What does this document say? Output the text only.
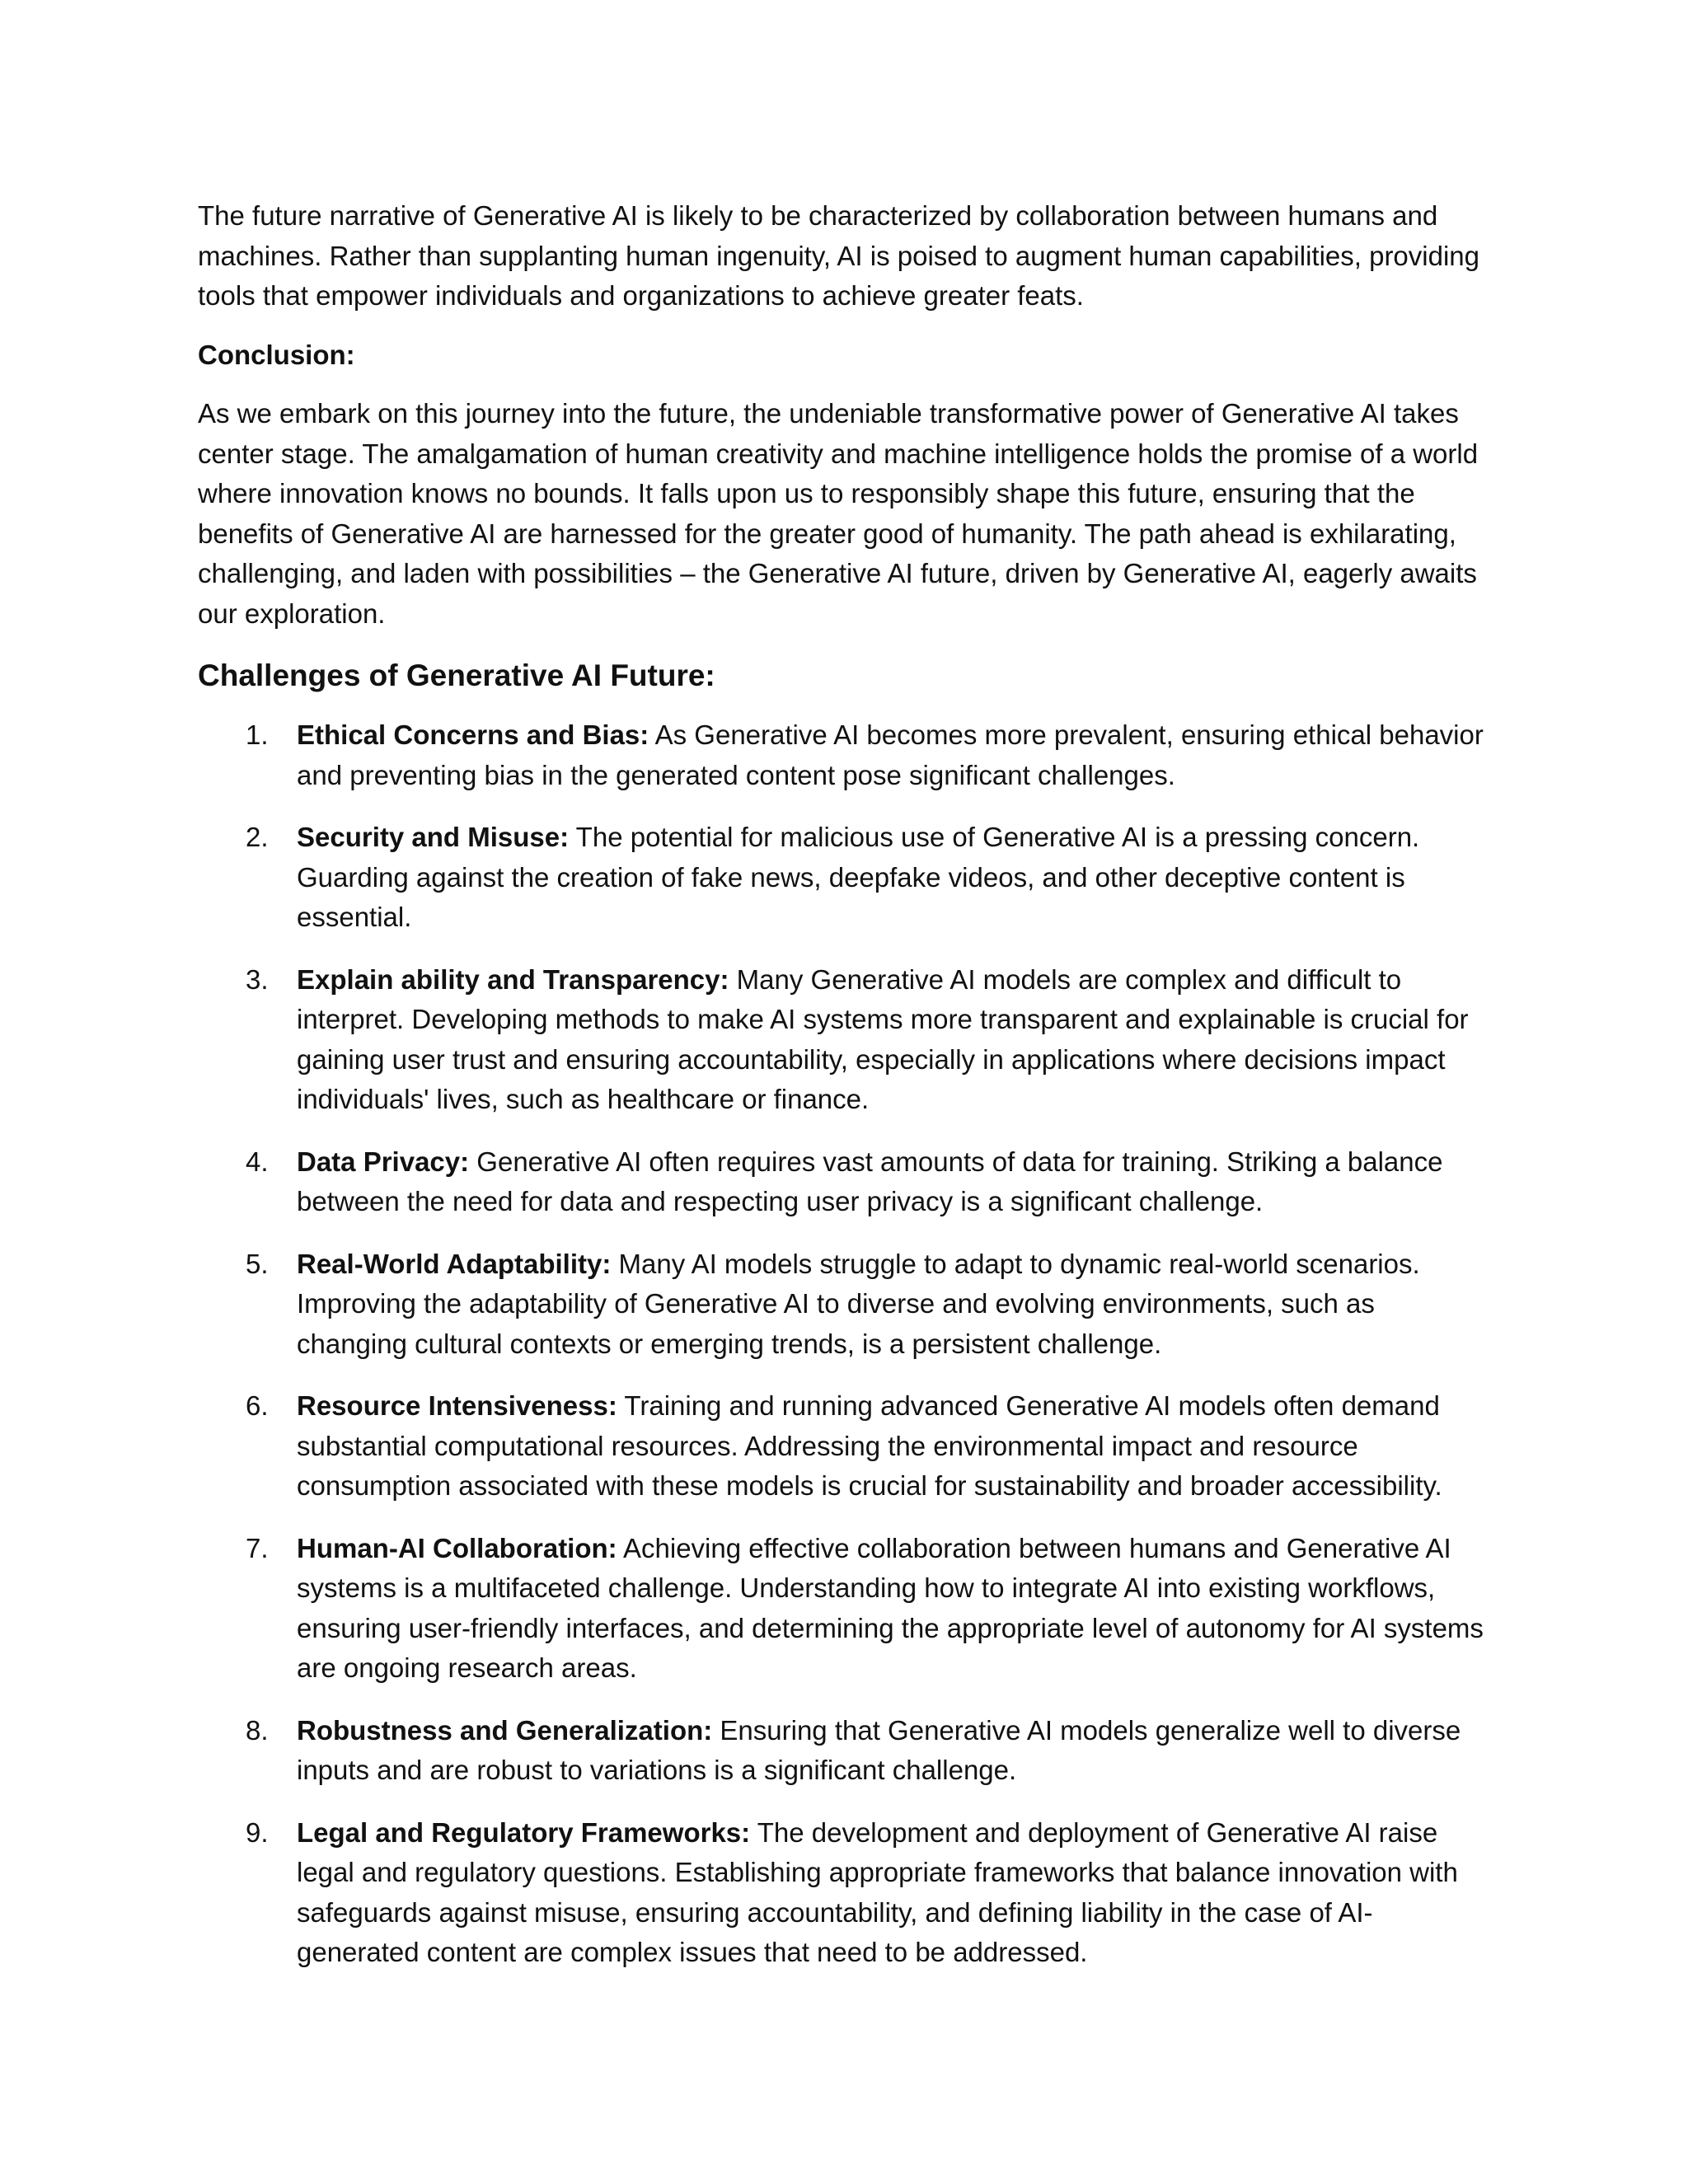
The future narrative of Generative AI is likely to be characterized by collaboration between humans and machines. Rather than supplanting human ingenuity, AI is poised to augment human capabilities, providing tools that empower individuals and organizations to achieve greater feats.

Conclusion:

As we embark on this journey into the future, the undeniable transformative power of Generative AI takes center stage. The amalgamation of human creativity and machine intelligence holds the promise of a world where innovation knows no bounds. It falls upon us to responsibly shape this future, ensuring that the benefits of Generative AI are harnessed for the greater good of humanity. The path ahead is exhilarating, challenging, and laden with possibilities – the Generative AI future, driven by Generative AI, eagerly awaits our exploration.

Challenges of Generative AI Future:
1. Ethical Concerns and Bias: As Generative AI becomes more prevalent, ensuring ethical behavior and preventing bias in the generated content pose significant challenges.
2. Security and Misuse: The potential for malicious use of Generative AI is a pressing concern. Guarding against the creation of fake news, deepfake videos, and other deceptive content is essential.
3. Explain ability and Transparency: Many Generative AI models are complex and difficult to interpret. Developing methods to make AI systems more transparent and explainable is crucial for gaining user trust and ensuring accountability, especially in applications where decisions impact individuals' lives, such as healthcare or finance.
4. Data Privacy: Generative AI often requires vast amounts of data for training. Striking a balance between the need for data and respecting user privacy is a significant challenge.
5. Real-World Adaptability: Many AI models struggle to adapt to dynamic real-world scenarios. Improving the adaptability of Generative AI to diverse and evolving environments, such as changing cultural contexts or emerging trends, is a persistent challenge.
6. Resource Intensiveness: Training and running advanced Generative AI models often demand substantial computational resources. Addressing the environmental impact and resource consumption associated with these models is crucial for sustainability and broader accessibility.
7. Human-AI Collaboration: Achieving effective collaboration between humans and Generative AI systems is a multifaceted challenge. Understanding how to integrate AI into existing workflows, ensuring user-friendly interfaces, and determining the appropriate level of autonomy for AI systems are ongoing research areas.
8. Robustness and Generalization: Ensuring that Generative AI models generalize well to diverse inputs and are robust to variations is a significant challenge.
9. Legal and Regulatory Frameworks: The development and deployment of Generative AI raise legal and regulatory questions. Establishing appropriate frameworks that balance innovation with safeguards against misuse, ensuring accountability, and defining liability in the case of AI-generated content are complex issues that need to be addressed.
